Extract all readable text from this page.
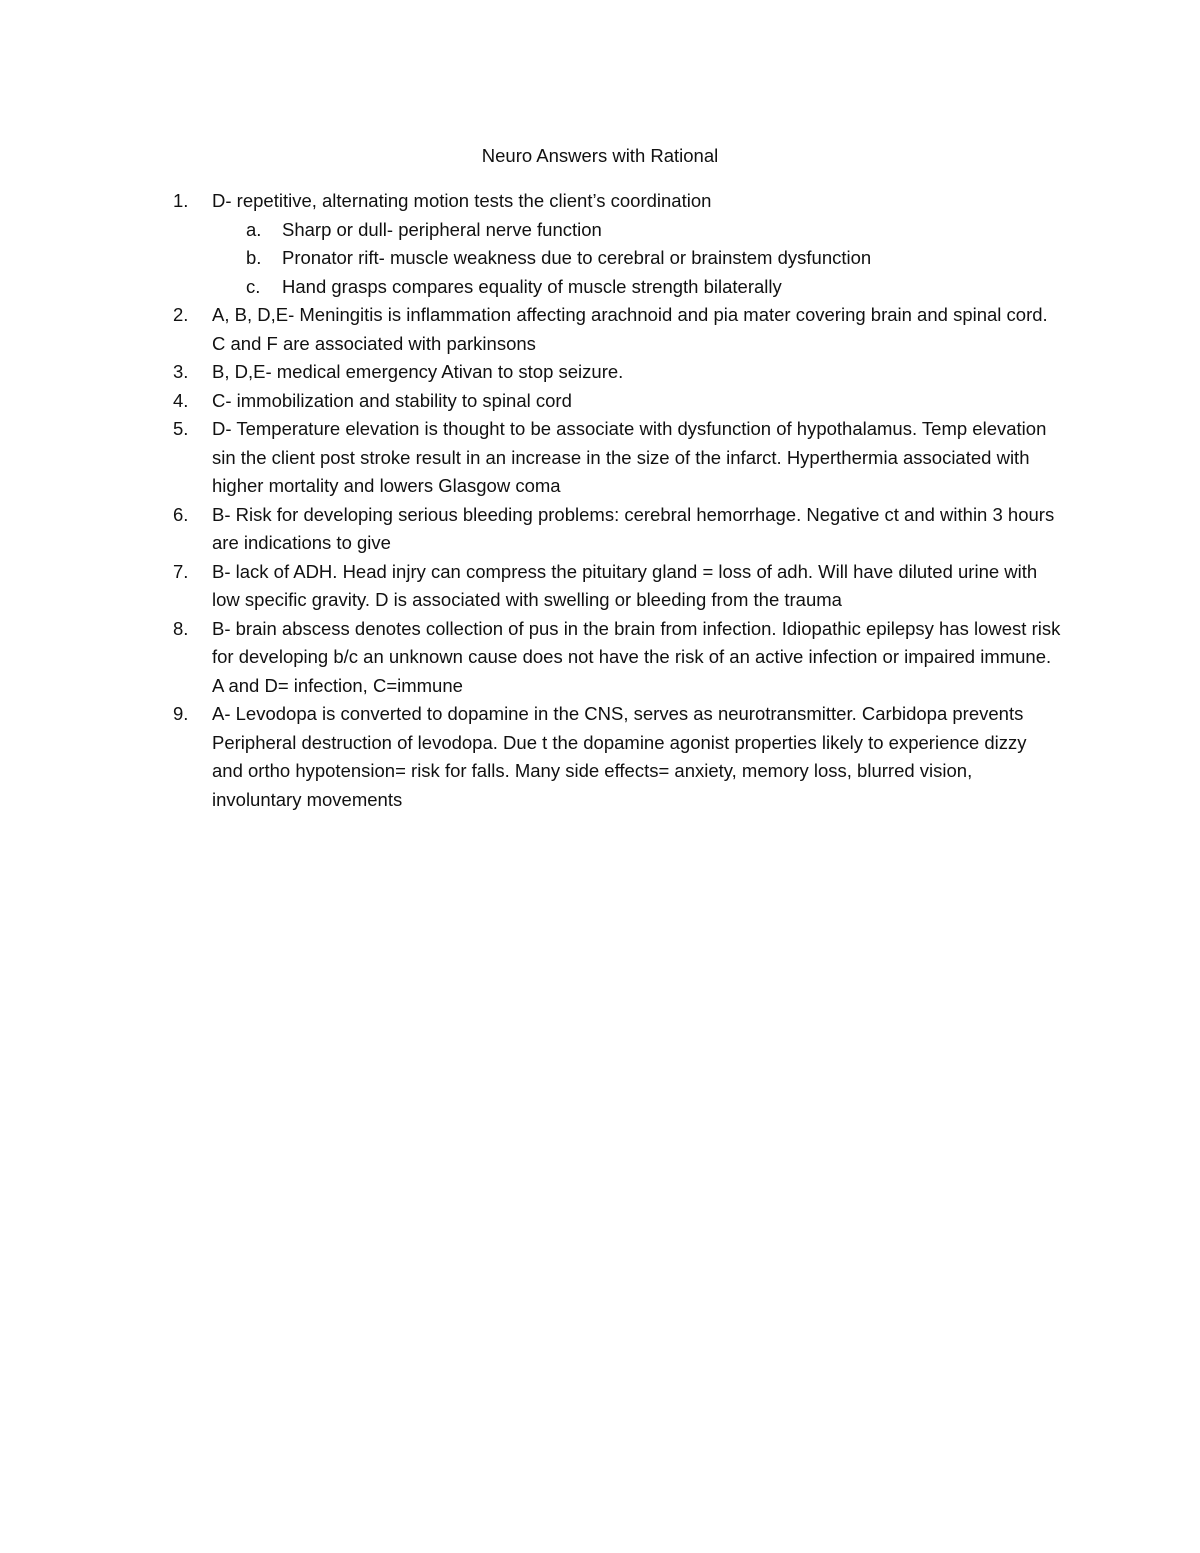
Neuro Answers with Rational
1. D- repetitive, alternating motion tests the client’s coordination
a. Sharp or dull- peripheral nerve function
b. Pronator rift- muscle weakness due to cerebral or brainstem dysfunction
c. Hand grasps compares equality of muscle strength bilaterally
2. A, B, D,E- Meningitis is inflammation affecting arachnoid and pia mater covering brain and spinal cord. C and F are associated with parkinsons
3. B, D,E- medical emergency Ativan to stop seizure.
4. C- immobilization and stability to spinal cord
5. D- Temperature elevation is thought to be associate with dysfunction of hypothalamus. Temp elevation sin the client post stroke result in an increase in the size of the infarct. Hyperthermia associated with higher mortality and lowers Glasgow coma
6. B- Risk for developing serious bleeding problems: cerebral hemorrhage. Negative ct and within 3 hours are indications to give
7. B- lack of ADH. Head injry can compress the pituitary gland = loss of adh. Will have diluted urine with low specific gravity. D is associated with swelling or bleeding from the trauma
8. B- brain abscess denotes collection of pus in the brain from infection. Idiopathic epilepsy has lowest risk for developing b/c an unknown cause does not have the risk of an active infection or impaired immune. A and D= infection, C=immune
9. A- Levodopa is converted to dopamine in the CNS, serves as neurotransmitter. Carbidopa prevents Peripheral destruction of levodopa. Due t the dopamine agonist properties likely to experience dizzy and ortho hypotension= risk for falls. Many side effects= anxiety, memory loss, blurred vision, involuntary movements
